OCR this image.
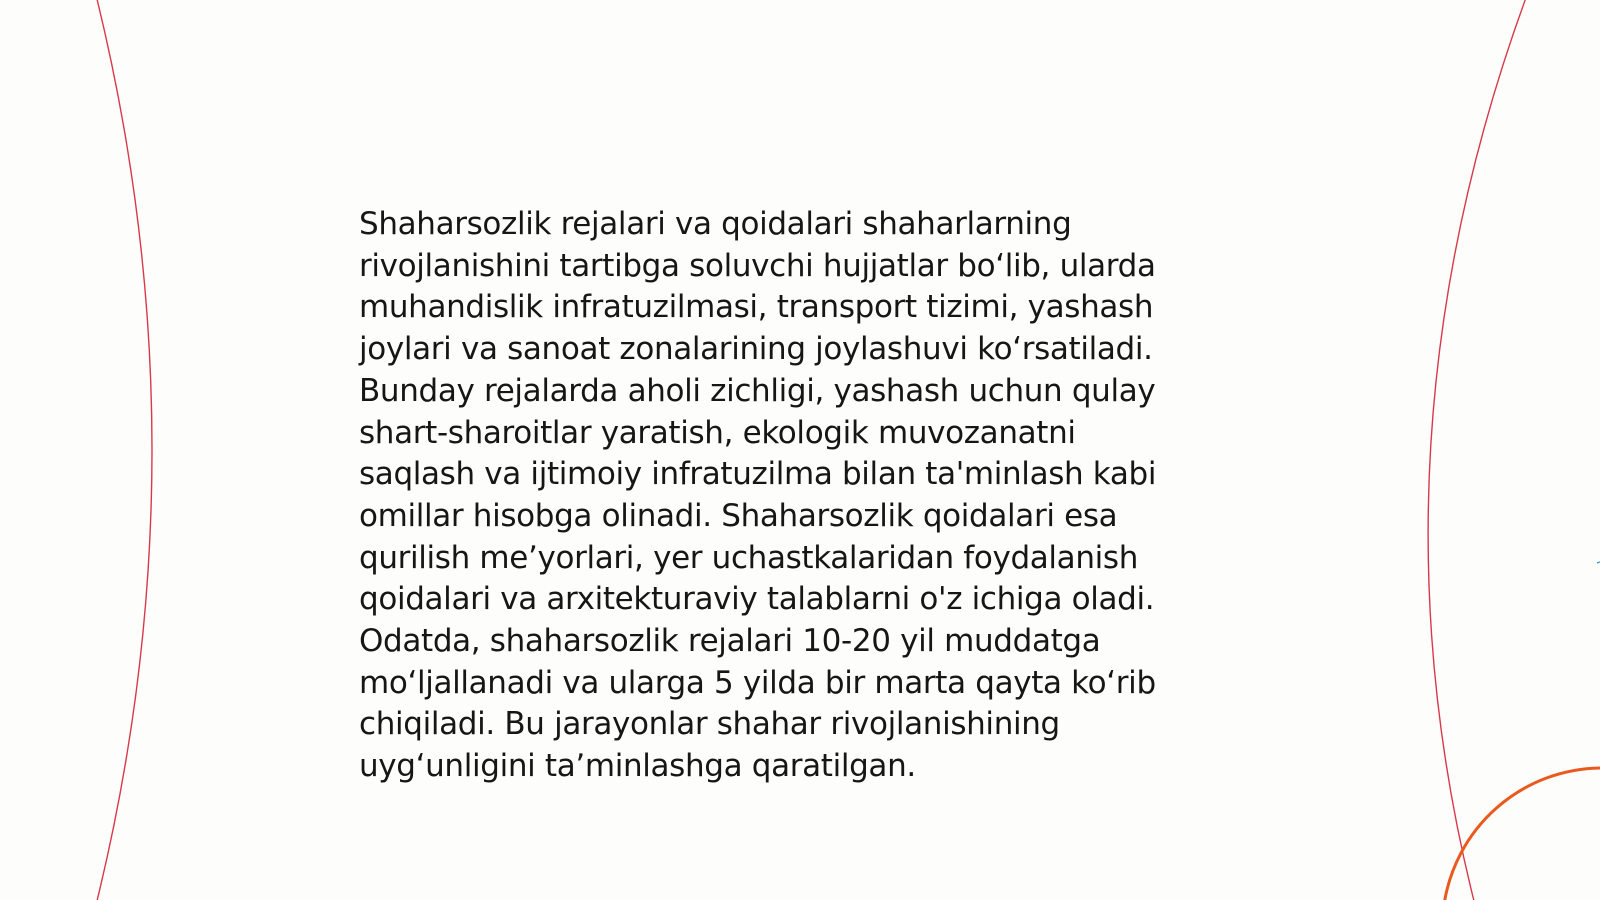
Shaharsozlik rejalari va qoidalari shaharlarning
rivojlanishini tartibga soluvchi hujjatlar bo‘lib, ularda
muhandislik infratuzilmasi, transport tizimi, yashash
joylari va sanoat zonalarining joylashuvi ko‘rsatiladi.
Bunday rejalarda aholi zichligi, yashash uchun qulay
shart-sharoitlar yaratish, ekologik muvozanatni
saqlash va ijtimoiy infratuzilma bilan ta'minlash kabi
omillar hisobga olinadi. Shaharsozlik qoidalari esa
qurilish me’yorlari, yer uchastkalaridan foydalanish
qoidalari va arxitekturaviy talablarni o'z ichiga oladi.
Odatda, shaharsozlik rejalari 10-20 yil muddatga
mo‘ljallanadi va ularga 5 yilda bir marta qayta ko‘rib
chiqiladi. Bu jarayonlar shahar rivojlanishining
uyg‘unligini ta’minlashga qaratilgan.
